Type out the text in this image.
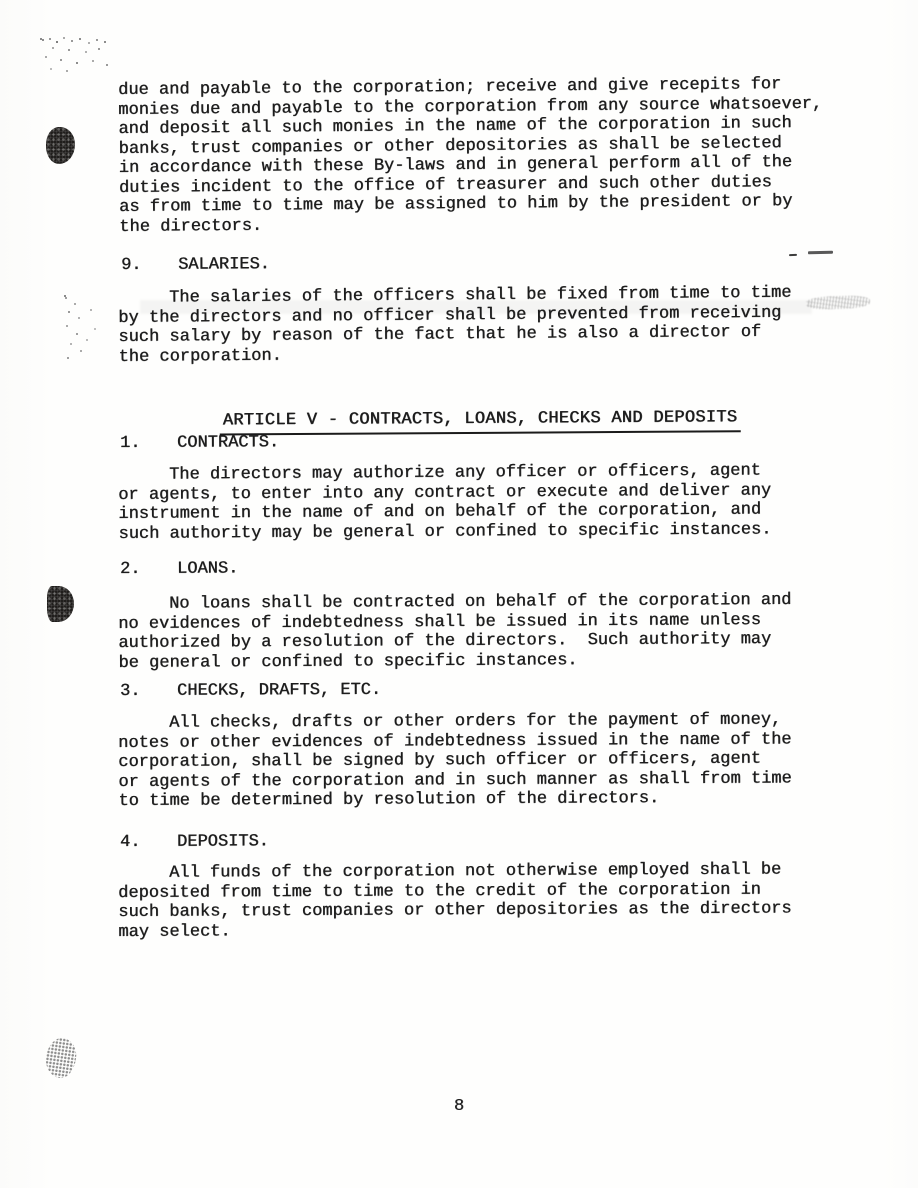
due and payable to the corporation; receive and give recepits for
monies due and payable to the corporation from any source whatsoever,
and deposit all such monies in the name of the corporation in such
banks, trust companies or other depositories as shall be selected
in accordance with these By-laws and in general perform all of the
duties incident to the office of treasurer and such other duties
as from time to time may be assigned to him by the president or by
the directors.
9.	SALARIES.
The salaries of the officers shall be fixed from time to time
by the directors and no officer shall be prevented from receiving
such salary by reason of the fact that he is also a director of
the corporation.

ARTICLE V - CONTRACTS, LOANS, CHECKS AND DEPOSITS

1.	CONTRACTS.
The directors may authorize any officer or officers, agent
or agents, to enter into any contract or execute and deliver any
instrument in the name of and on behalf of the corporation, and
such authority may be general or confined to specific instances.
2.	LOANS.
No loans shall be contracted on behalf of the corporation and
no evidences of indebtedness shall be issued in its name unless
authorized by a resolution of the directors.  Such authority may
be general or confined to specific instances.
3.	CHECKS, DRAFTS, ETC.
All checks, drafts or other orders for the payment of money,
notes or other evidences of indebtedness issued in the name of the
corporation, shall be signed by such officer or officers, agent
or agents of the corporation and in such manner as shall from time
to time be determined by resolution of the directors.
4.	DEPOSITS.
All funds of the corporation not otherwise employed shall be
deposited from time to time to the credit of the corporation in
such banks, trust companies or other depositories as the directors
may select.
8
